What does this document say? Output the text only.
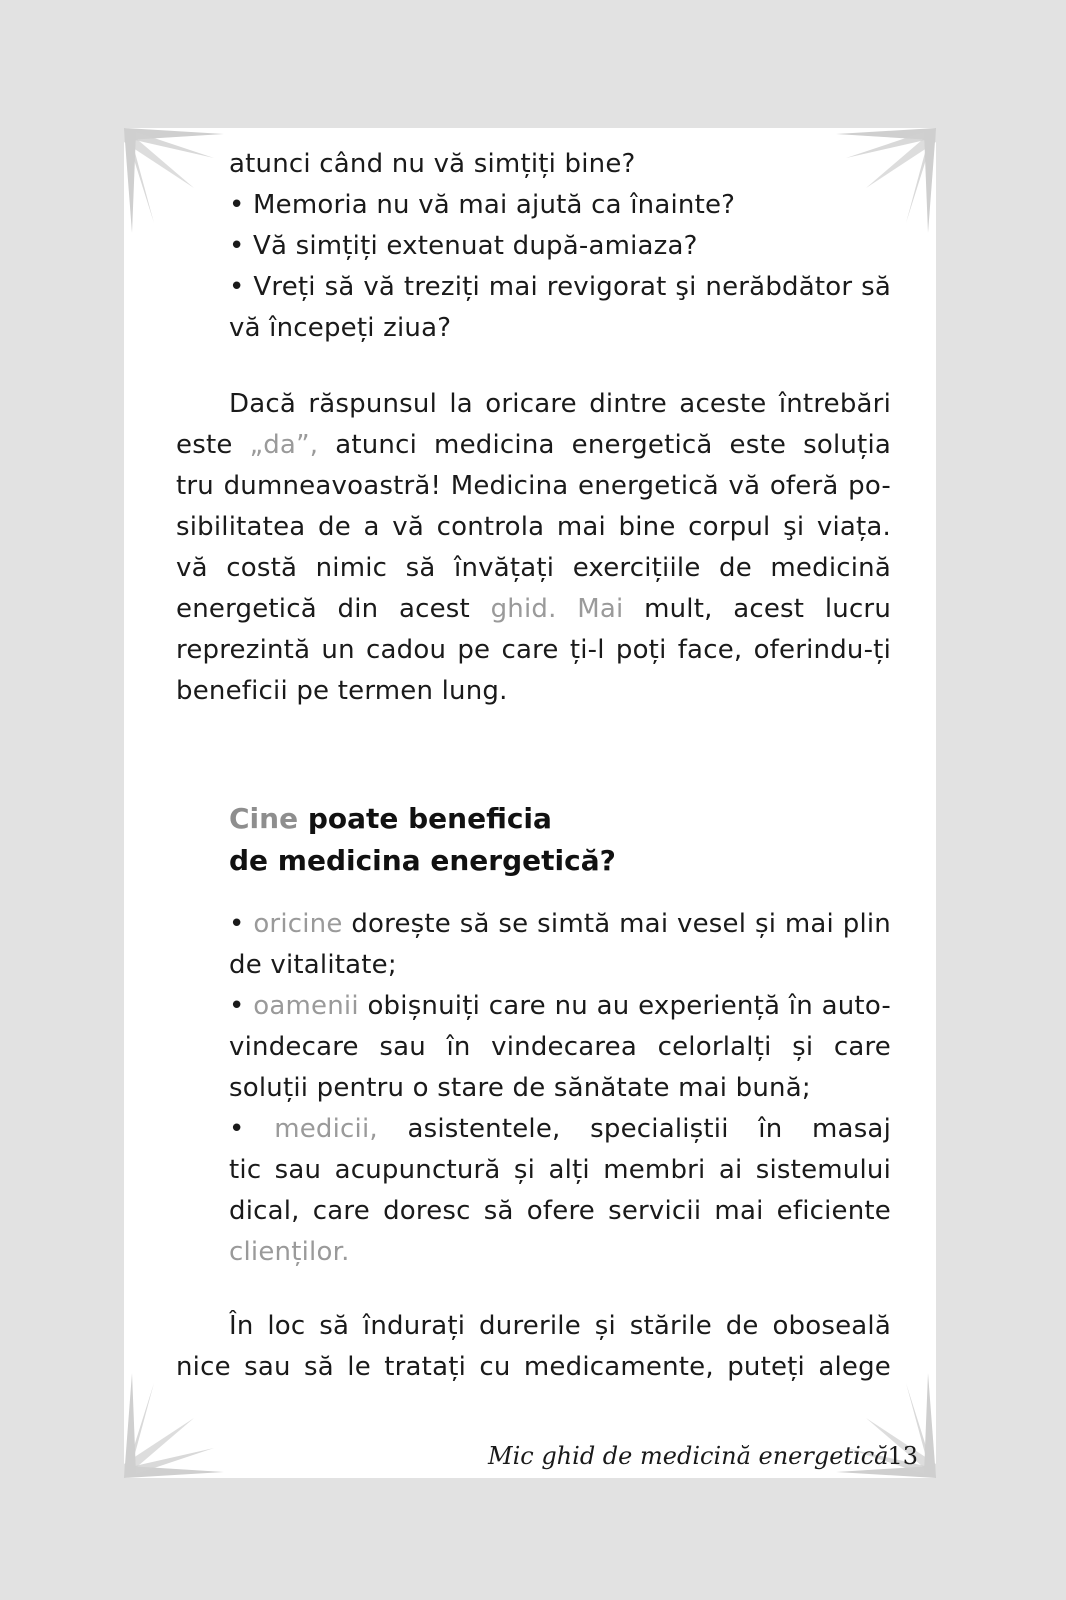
atunci când nu vă simțiți bine?
• Memoria nu vă mai ajută ca înainte?
• Vă simțiți extenuat după-amiaza?
• Vreți să vă treziți mai revigorat şi nerăbdător să
vă începeți ziua?
Dacă răspunsul la oricare dintre aceste întrebări
este „da”, atunci medicina energetică este soluția
tru dumneavoastră! Medicina energetică vă oferă po-
sibilitatea de a vă controla mai bine corpul şi viața.
vă costă nimic să învățați exercițiile de medicină
energetică din acest ghid. Mai mult, acest lucru
reprezintă un cadou pe care ți-l poți face, oferindu-ți
beneficii pe termen lung.
Cine poate beneficia
de medicina energetică?
• oricine dorește să se simtă mai vesel și mai plin
de vitalitate;
• oamenii obișnuiți care nu au experiență în auto-
vindecare sau în vindecarea celorlalți și care
soluții pentru o stare de sănătate mai bună;
• medicii, asistentele, specialiștii în masaj
tic sau acupunctură și alți membri ai sistemului
dical, care doresc să ofere servicii mai eficiente
clienților.
În loc să îndurați durerile și stările de oboseală
nice sau să le tratați cu medicamente, puteți alege
Mic ghid de medicină energetică
13
